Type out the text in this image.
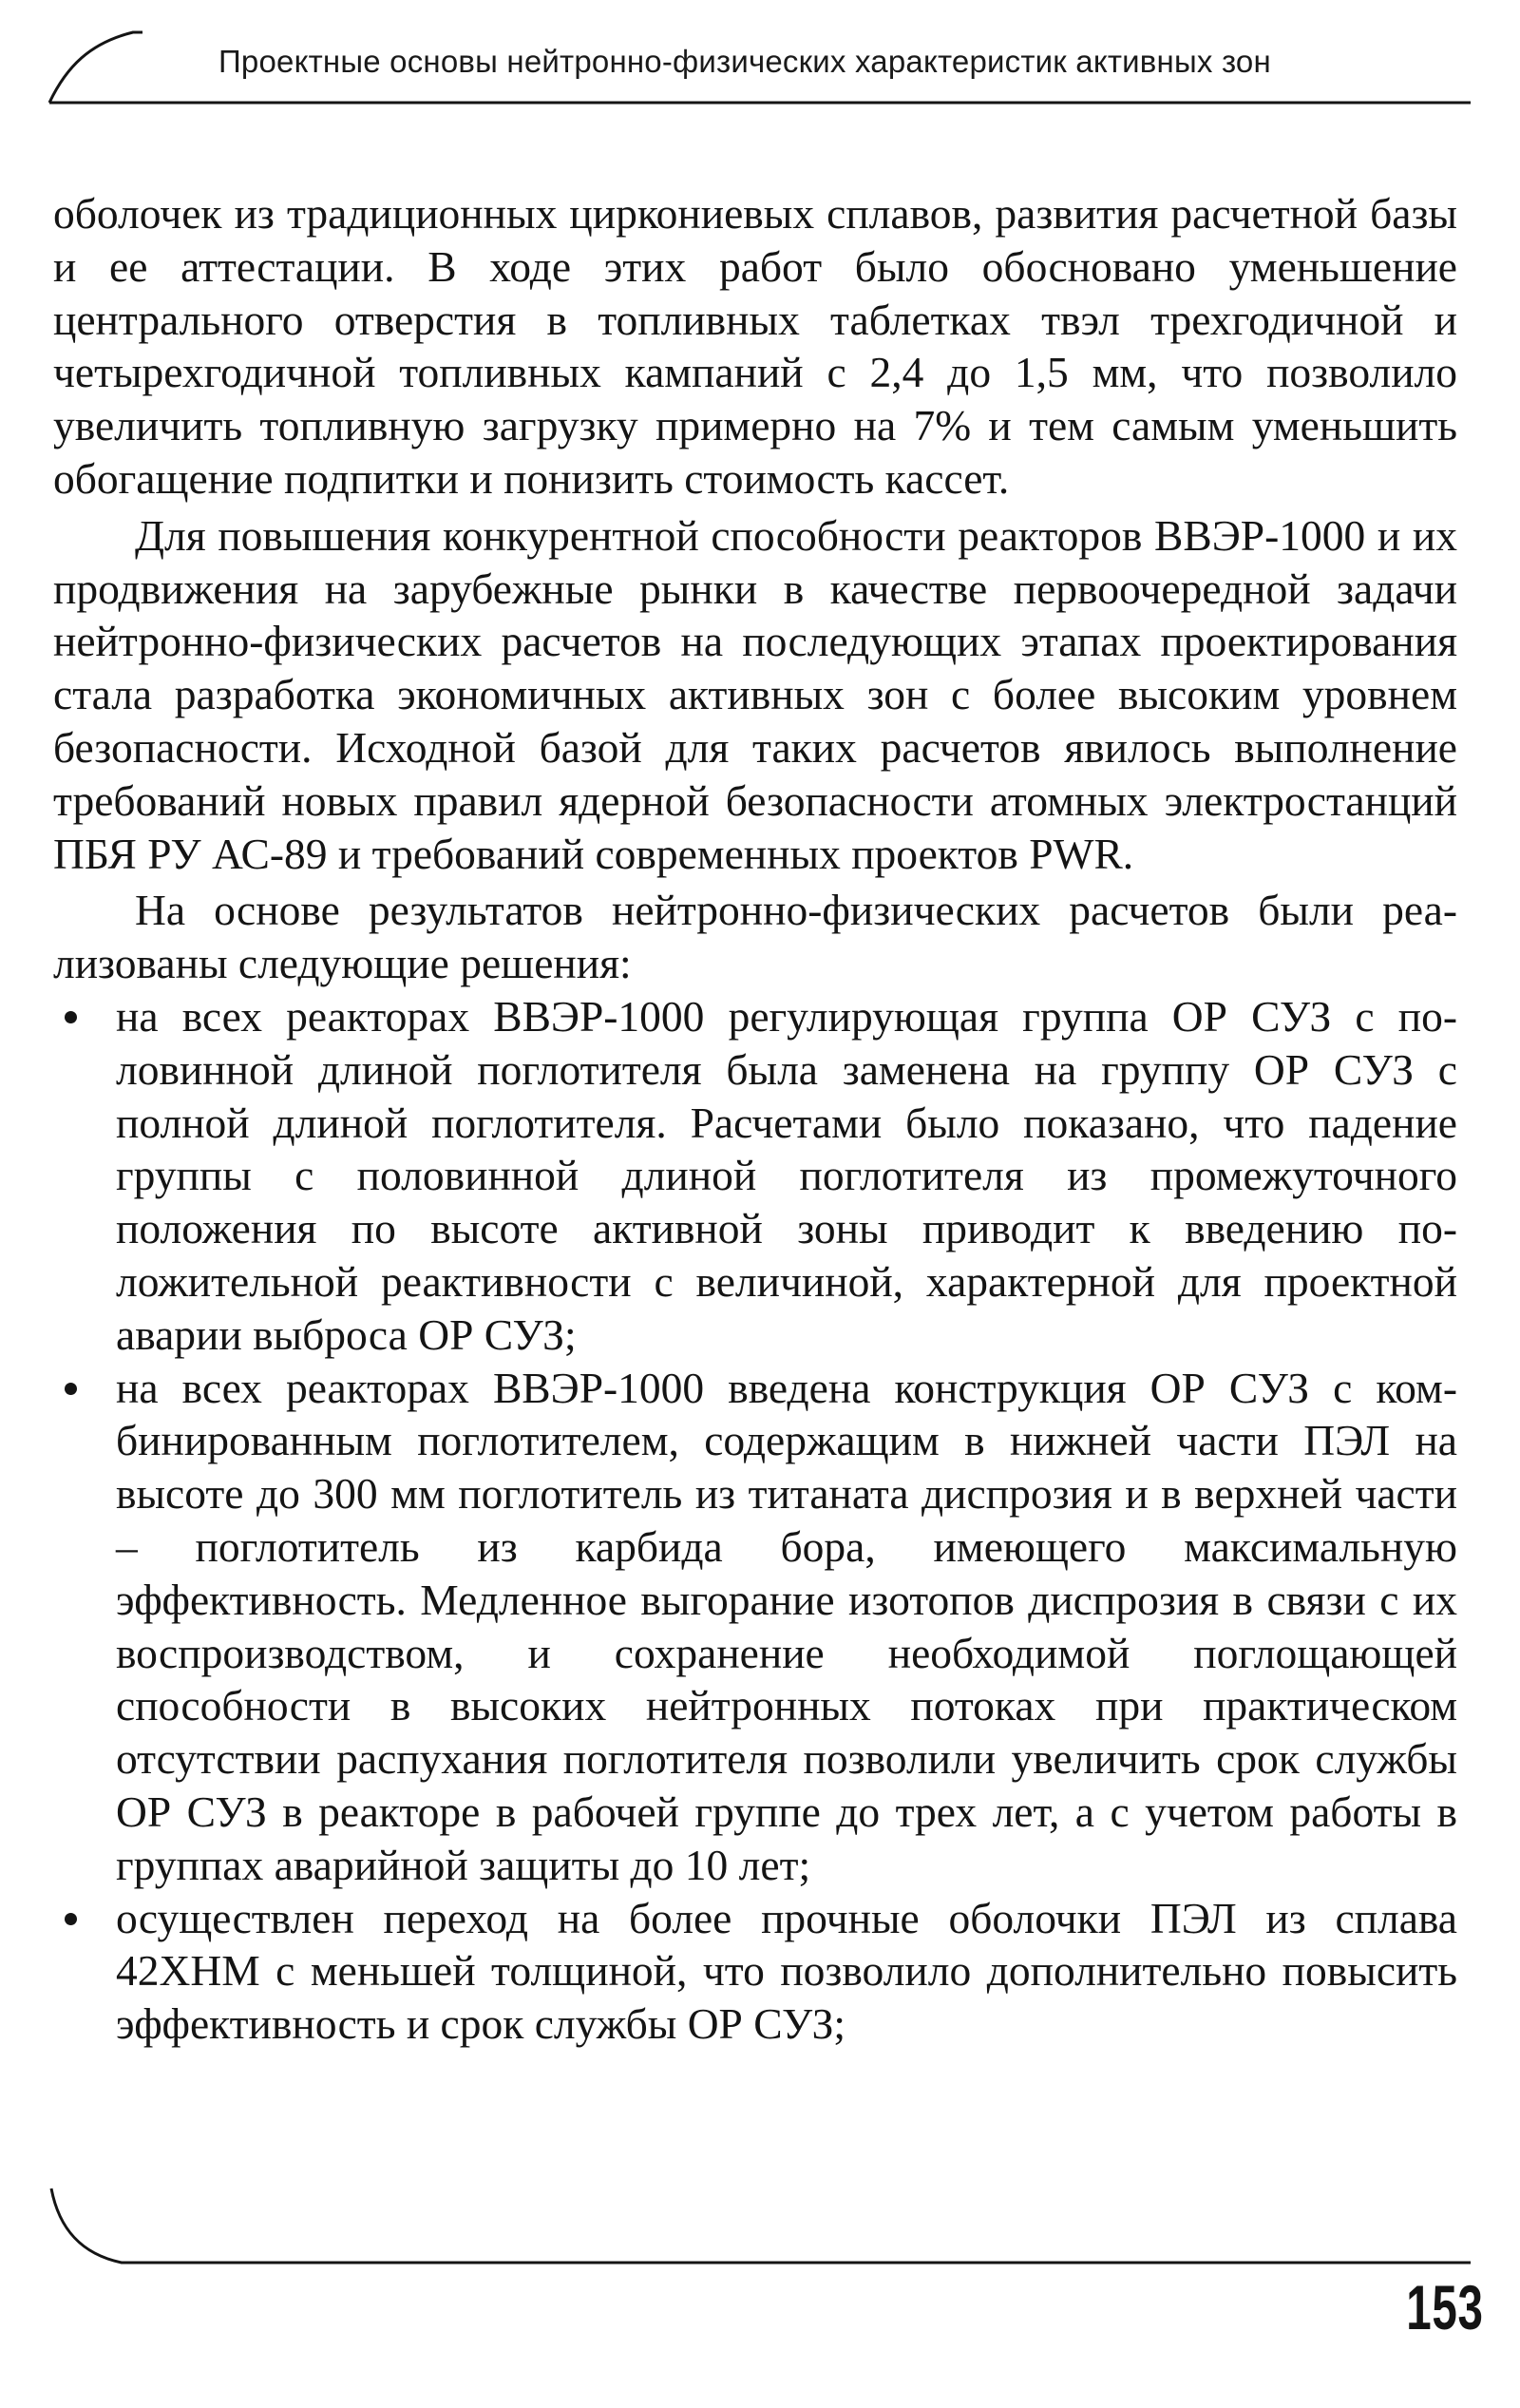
Проектные основы нейтронно-физических характеристик активных зон

оболочек из традиционных циркониевых сплавов, развития расчетной базы и ее аттестации. В ходе этих работ было обосновано уменьшение центрального отверстия в топливных таблетках твэл трехгодичной и четырехгодичной топливных кампаний с 2,4 до 1,5 мм, что позволило увеличить топливную загрузку примерно на 7% и тем самым уменьшить обогащение подпитки и понизить стоимость кассет.

Для повышения конкурентной способности реакторов ВВЭР-1000 и их продвижения на зарубежные рынки в качестве первоочередной задачи нейтронно-физических расчетов на последующих этапах проектирования стала разработка экономичных активных зон с более высоким уровнем безопасности. Исходной базой для таких расчетов явилось выполнение требований новых правил ядерной безопасности атомных электростанций ПБЯ РУ АС-89 и требований современных проектов PWR.

На основе результатов нейтронно-физических расчетов были реализованы следующие решения:

на всех реакторах ВВЭР-1000 регулирующая группа ОР СУЗ с половинной длиной поглотителя была заменена на группу ОР СУЗ с полной длиной поглотителя. Расчетами было показано, что падение группы с половинной длиной поглотителя из промежуточного положения по высоте активной зоны приводит к введению положительной реактивности с величиной, характерной для проектной аварии выброса ОР СУЗ;
на всех реакторах ВВЭР-1000 введена конструкция ОР СУЗ с комбинированным поглотителем, содержащим в нижней части ПЭЛ на высоте до 300 мм поглотитель из титаната диспрозия и в верхней части – поглотитель из карбида бора, имеющего максимальную эффективность. Медленное выгорание изотопов диспрозия в связи с их воспроизводством, и сохранение необходимой поглощающей способности в высоких нейтронных потоках при практическом отсутствии распухания поглотителя позволили увеличить срок службы ОР СУЗ в реакторе в рабочей группе до трех лет, а с учетом работы в группах аварийной защиты до 10 лет;
осуществлен переход на более прочные оболочки ПЭЛ из сплава 42ХНМ с меньшей толщиной, что позволило дополнительно повысить эффективность и срок службы ОР СУЗ;
153
